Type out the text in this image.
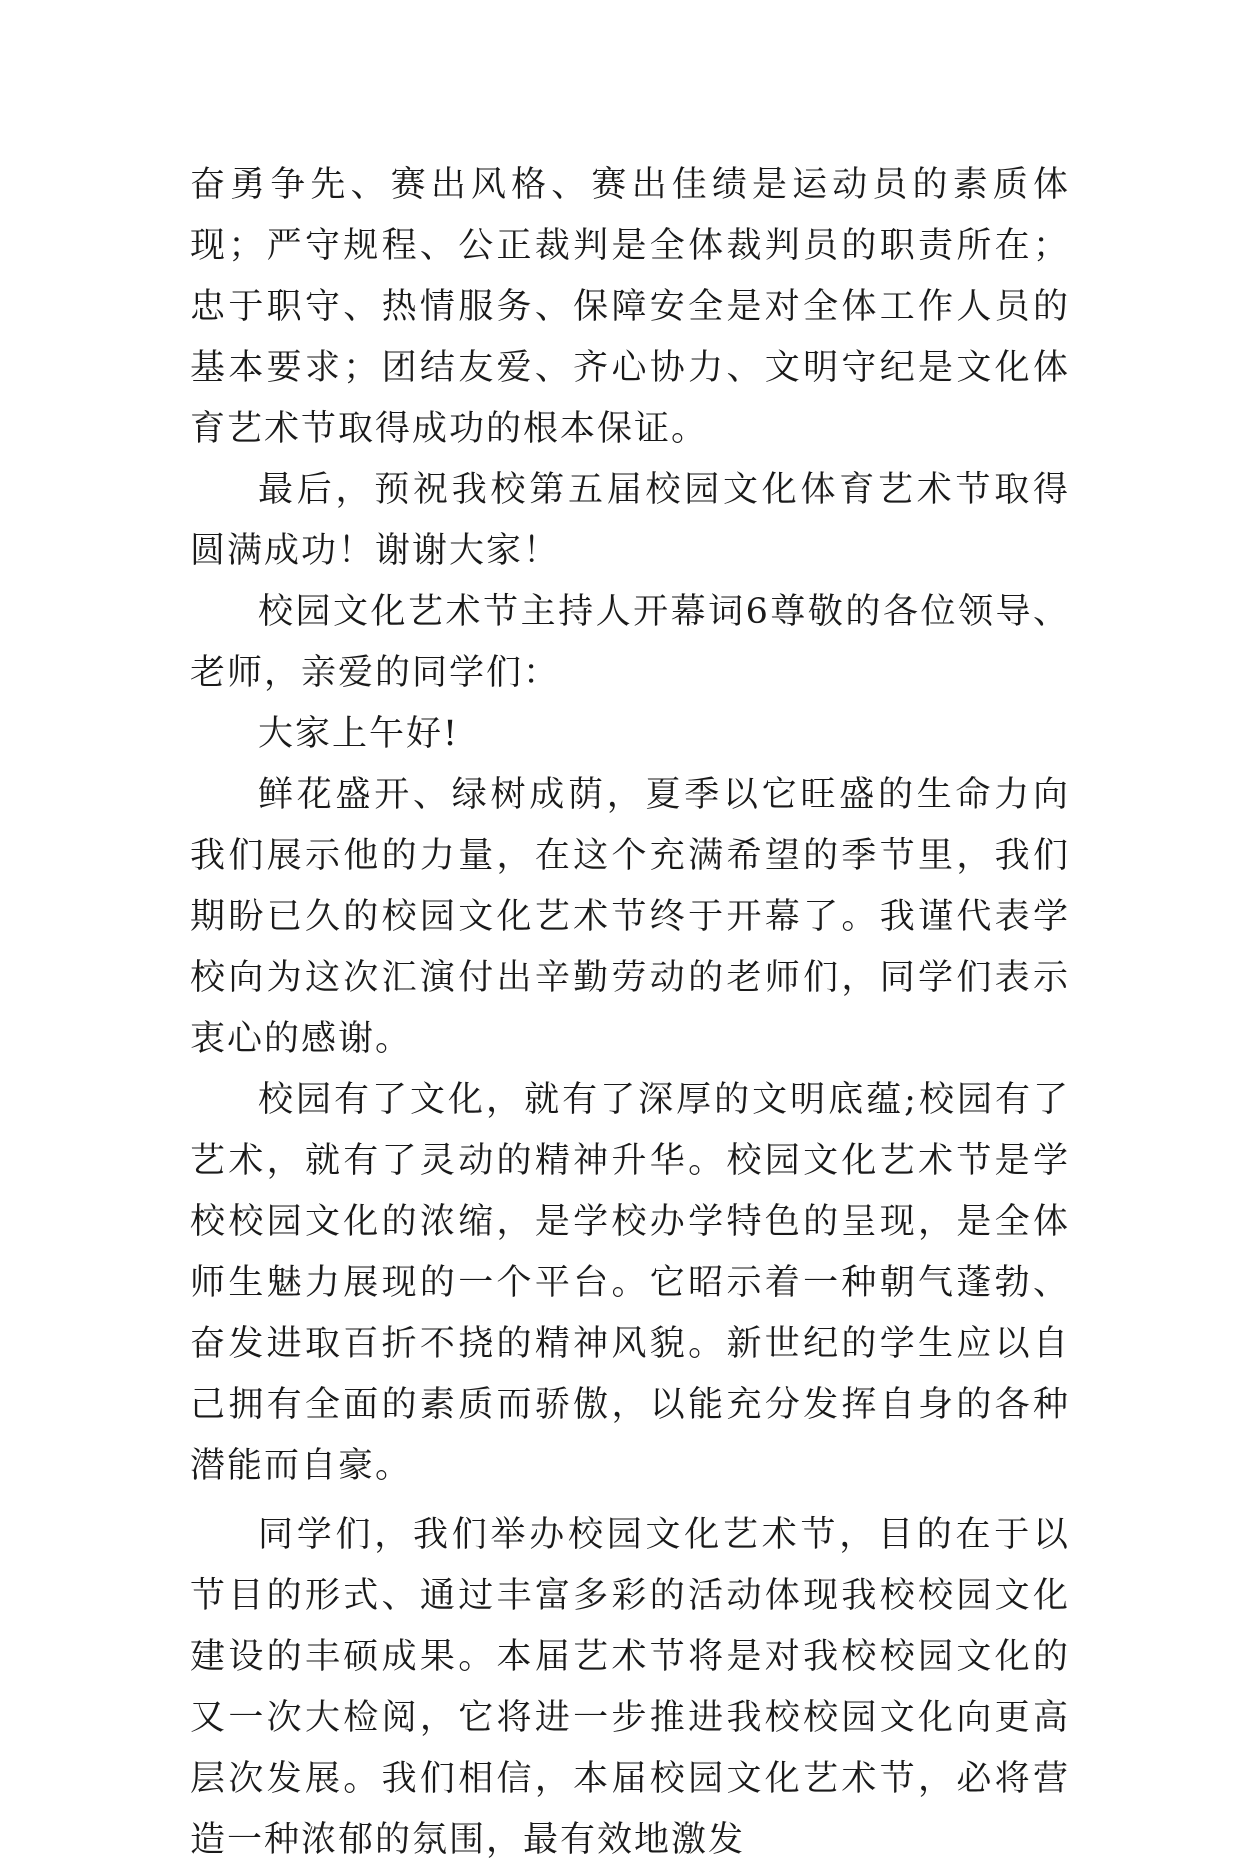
奋勇争先、赛出风格、赛出佳绩是运动员的素质体现；严守规程、公正裁判是全体裁判员的职责所在；忠于职守、热情服务、保障安全是对全体工作人员的基本要求；团结友爱、齐心协力、文明守纪是文化体育艺术节取得成功的根本保证。

最后，预祝我校第五届校园文化体育艺术节取得圆满成功！谢谢大家！

校园文化艺术节主持人开幕词6尊敬的各位领导、老师，亲爱的同学们：

大家上午好!

鲜花盛开、绿树成荫，夏季以它旺盛的生命力向我们展示他的力量，在这个充满希望的季节里，我们期盼已久的校园文化艺术节终于开幕了。我谨代表学校向为这次汇演付出辛勤劳动的老师们，同学们表示衷心的感谢。

校园有了文化，就有了深厚的文明底蕴;校园有了艺术，就有了灵动的精神升华。校园文化艺术节是学校校园文化的浓缩，是学校办学特色的呈现，是全体师生魅力展现的一个平台。它昭示着一种朝气蓬勃、奋发进取百折不挠的精神风貌。新世纪的学生应以自己拥有全面的素质而骄傲，以能充分发挥自身的各种潜能而自豪。

同学们，我们举办校园文化艺术节，目的在于以节目的形式、通过丰富多彩的活动体现我校校园文化建设的丰硕成果。本届艺术节将是对我校校园文化的又一次大检阅，它将进一步推进我校校园文化向更高层次发展。我们相信，本届校园文化艺术节，必将营造一种浓郁的氛围，最有效地激发
